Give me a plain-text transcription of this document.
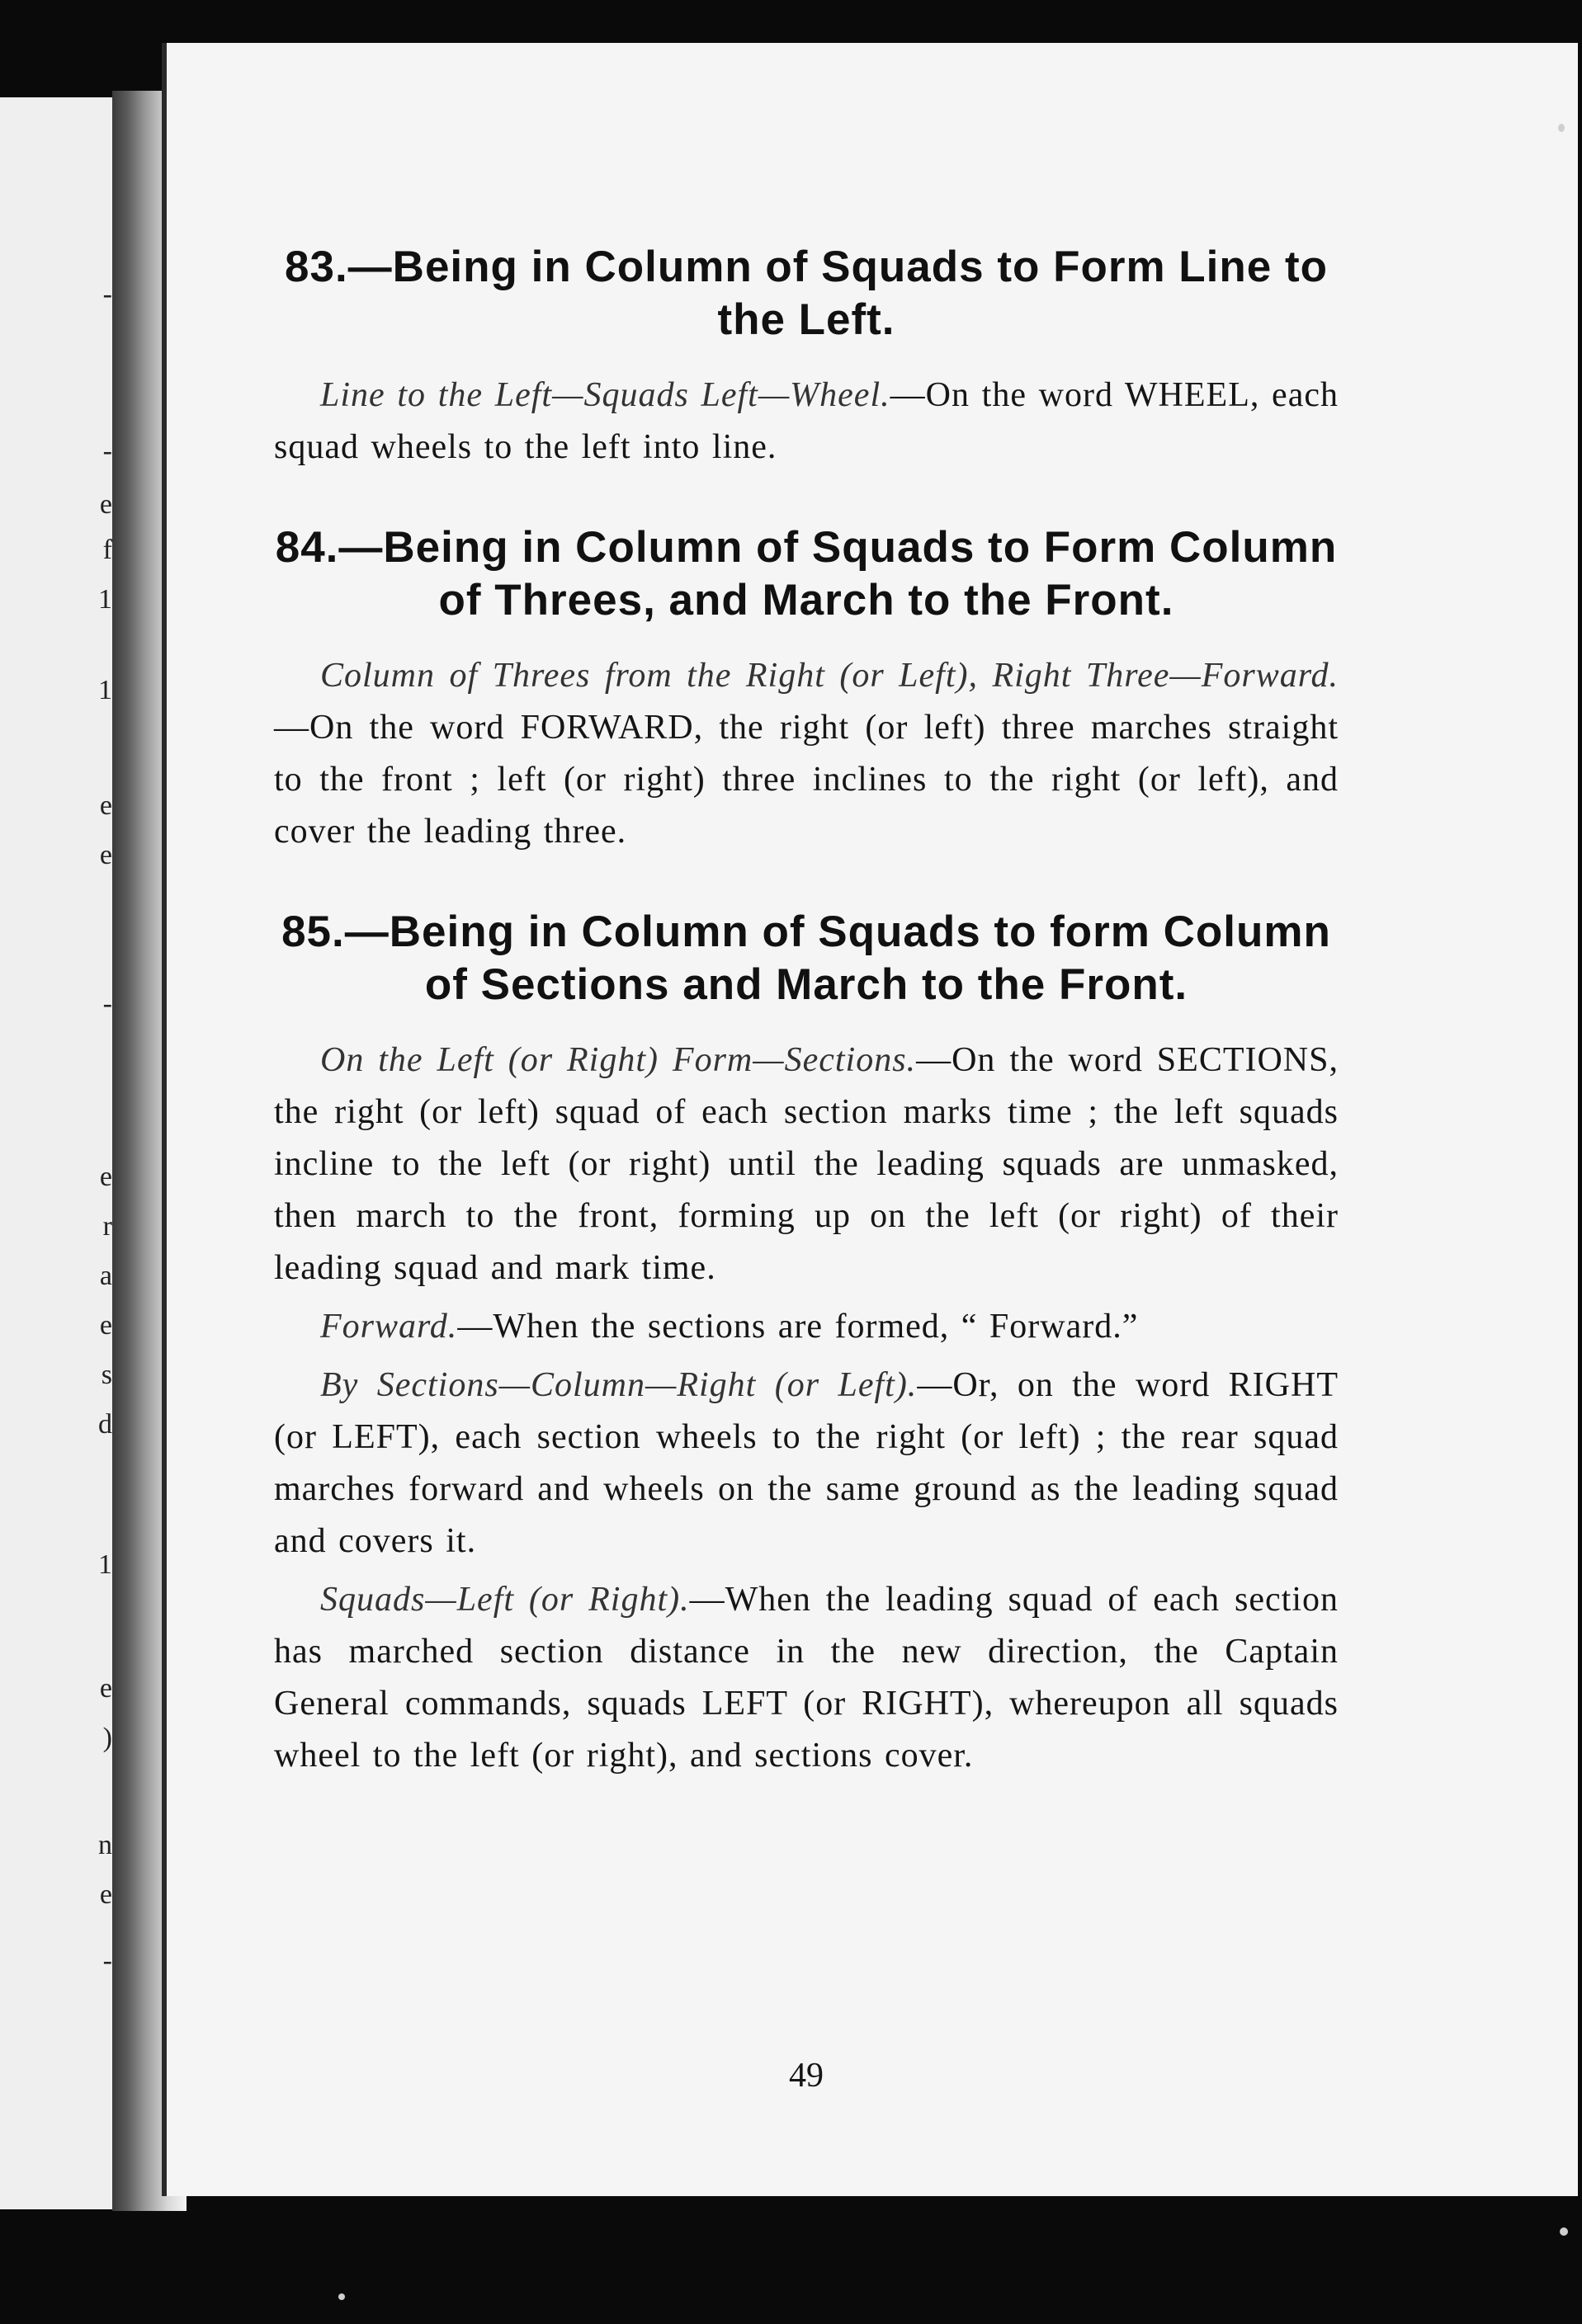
-
-
e
f
1
1
e
e
-
e
r
a
e
s
d
1
e
)
n
e
-
83.—Being in Column of Squads to Form Line to the Left.

Line to the Left—Squads Left—Wheel.—On the word WHEEL, each squad wheels to the left into line.

84.—Being in Column of Squads to Form Column of Threes, and March to the Front.

Column of Threes from the Right (or Left), Right Three—Forward.—On the word FORWARD, the right (or left) three marches straight to the front ; left (or right) three inclines to the right (or left), and cover the leading three.

85.—Being in Column of Squads to form Column of Sections and March to the Front.

On the Left (or Right) Form—Sections.—On the word SECTIONS, the right (or left) squad of each section marks time ; the left squads incline to the left (or right) until the leading squads are unmasked, then march to the front, forming up on the left (or right) of their leading squad and mark time.

Forward.—When the sections are formed, “ Forward.”

By Sections—Column—Right (or Left).—Or, on the word RIGHT (or LEFT), each section wheels to the right (or left) ; the rear squad marches forward and wheels on the same ground as the leading squad and covers it.

Squads—Left (or Right).—When the leading squad of each section has marched section distance in the new direction, the Captain General commands, squads LEFT (or RIGHT), whereupon all squads wheel to the left (or right), and sections cover.

49
